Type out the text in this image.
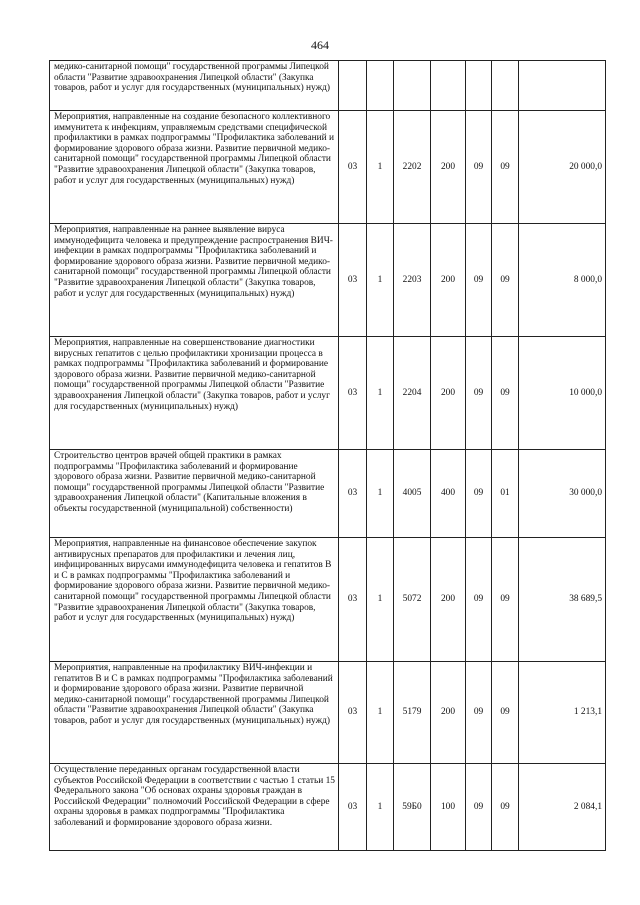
464
медико-санитарной помощи" государственной программы Липецкой области "Развитие здравоохранения Липецкой области" (Закупка товаров, работ и услуг для государственных (муниципальных) нужд)							
Мероприятия, направленные на создание безопасного коллективного иммунитета к инфекциям, управляемым средствами специфической профилактики в рамках подпрограммы "Профилактика заболеваний и формирование здорового образа жизни. Развитие первичной медико-санитарной помощи" государственной программы Липецкой области "Развитие здравоохранения Липецкой области" (Закупка товаров, работ и услуг для государственных (муниципальных) нужд)	03	1	2202	200	09	09	20 000,0
Мероприятия, направленные на раннее выявление вируса иммунодефицита человека и предупреждение распространения ВИЧ-инфекции в рамках подпрограммы "Профилактика заболеваний и формирование здорового образа жизни. Развитие первичной медико-санитарной помощи" государственной программы Липецкой области "Развитие здравоохранения Липецкой области" (Закупка товаров, работ и услуг для государственных (муниципальных) нужд)	03	1	2203	200	09	09	8 000,0
Мероприятия, направленные на совершенствование диагностики вирусных гепатитов с целью профилактики хронизации процесса в рамках подпрограммы "Профилактика заболеваний и формирование здорового образа жизни. Развитие первичной медико-санитарной помощи" государственной программы Липецкой области "Развитие здравоохранения Липецкой области" (Закупка товаров, работ и услуг для государственных (муниципальных) нужд)	03	1	2204	200	09	09	10 000,0
Строительство центров врачей общей практики в рамках подпрограммы "Профилактика заболеваний и формирование здорового образа жизни. Развитие первичной медико-санитарной помощи" государственной программы Липецкой области "Развитие здравоохранения Липецкой области" (Капитальные вложения в объекты государственной (муниципальной) собственности)	03	1	4005	400	09	01	30 000,0
Мероприятия, направленные на финансовое обеспечение закупок антивирусных препаратов для профилактики и лечения лиц, инфицированных вирусами иммунодефицита человека и гепатитов В и С в рамках подпрограммы "Профилактика заболеваний и формирование здорового образа жизни. Развитие первичной медико-санитарной помощи" государственной программы Липецкой области "Развитие здравоохранения Липецкой области" (Закупка товаров, работ и услуг для государственных (муниципальных) нужд)	03	1	5072	200	09	09	38 689,5
Мероприятия, направленные на профилактику ВИЧ-инфекции и гепатитов В и С в рамках подпрограммы "Профилактика заболеваний и формирование здорового образа жизни. Развитие первичной медико-санитарной помощи" государственной программы Липецкой области "Развитие здравоохранения Липецкой области" (Закупка товаров, работ и услуг для государственных (муниципальных) нужд)	03	1	5179	200	09	09	1 213,1
Осуществление переданных органам государственной власти субъектов Российской Федерации в соответствии с частью 1 статьи 15 Федерального закона "Об основах охраны здоровья граждан в Российской Федерации" полномочий Российской Федерации в сфере охраны здоровья в рамках подпрограммы "Профилактика заболеваний и формирование здорового образа жизни.	03	1	59Б0	100	09	09	2 084,1
